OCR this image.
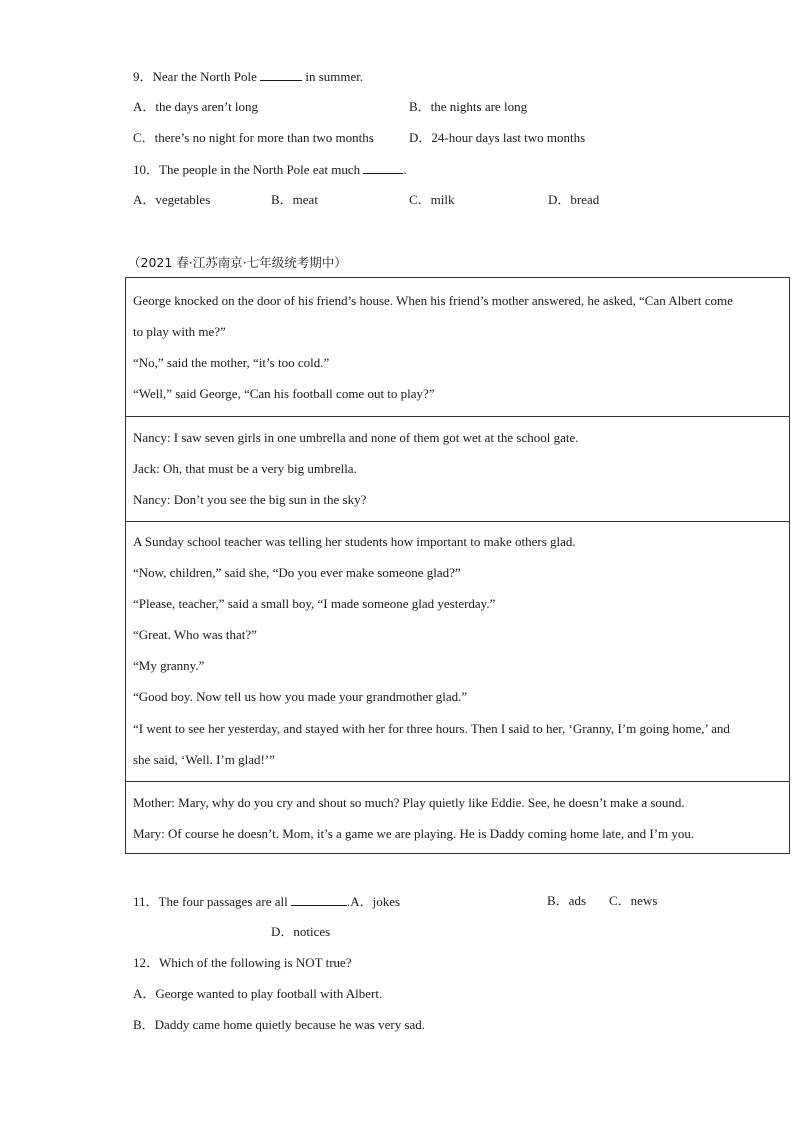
9．Near the North Pole	in summer.
A．the days aren’t long	B．the nights are long
C．there’s no night for more than two months	D．24-hour days last two months
10．The people in the North Pole eat much	.
A．vegetables	B．meat	C．milk	D．bread
（2021 春·江苏南京·七年级统考期中）
George knocked on the door of his friend’s house. When his friend’s mother answered, he asked, “Can Albert come
to play with me?”
“No,” said the mother, “it’s too cold.”
“Well,” said George, “Can his football come out to play?”
Nancy: I saw seven girls in one umbrella and none of them got wet at the school gate.
Jack: Oh, that must be a very big umbrella.
Nancy: Don’t you see the big sun in the sky?
A Sunday school teacher was telling her students how important to make others glad.
“Now, children,” said she, “Do you ever make someone glad?”
“Please, teacher,” said a small boy, “I made someone glad yesterday.”
“Great. Who was that?”
“My granny.”
“Good boy. Now tell us how you made your grandmother glad.”
“I went to see her yesterday, and stayed with her for three hours. Then I said to her, ‘Granny, I’m going home,’ and
she said, ‘Well. I’m glad!’”
Mother: Mary, why do you cry and shout so much? Play quietly like Eddie. See, he doesn’t make a sound.
Mary: Of course he doesn’t. Mom, it’s a game we are playing. He is Daddy coming home late, and I’m you.
11．The four passages are all	.A．jokes	B．ads C．news
D．notices
12．Which of the following is NOT true?
A．George wanted to play football with Albert.
B．Daddy came home quietly because he was very sad.
